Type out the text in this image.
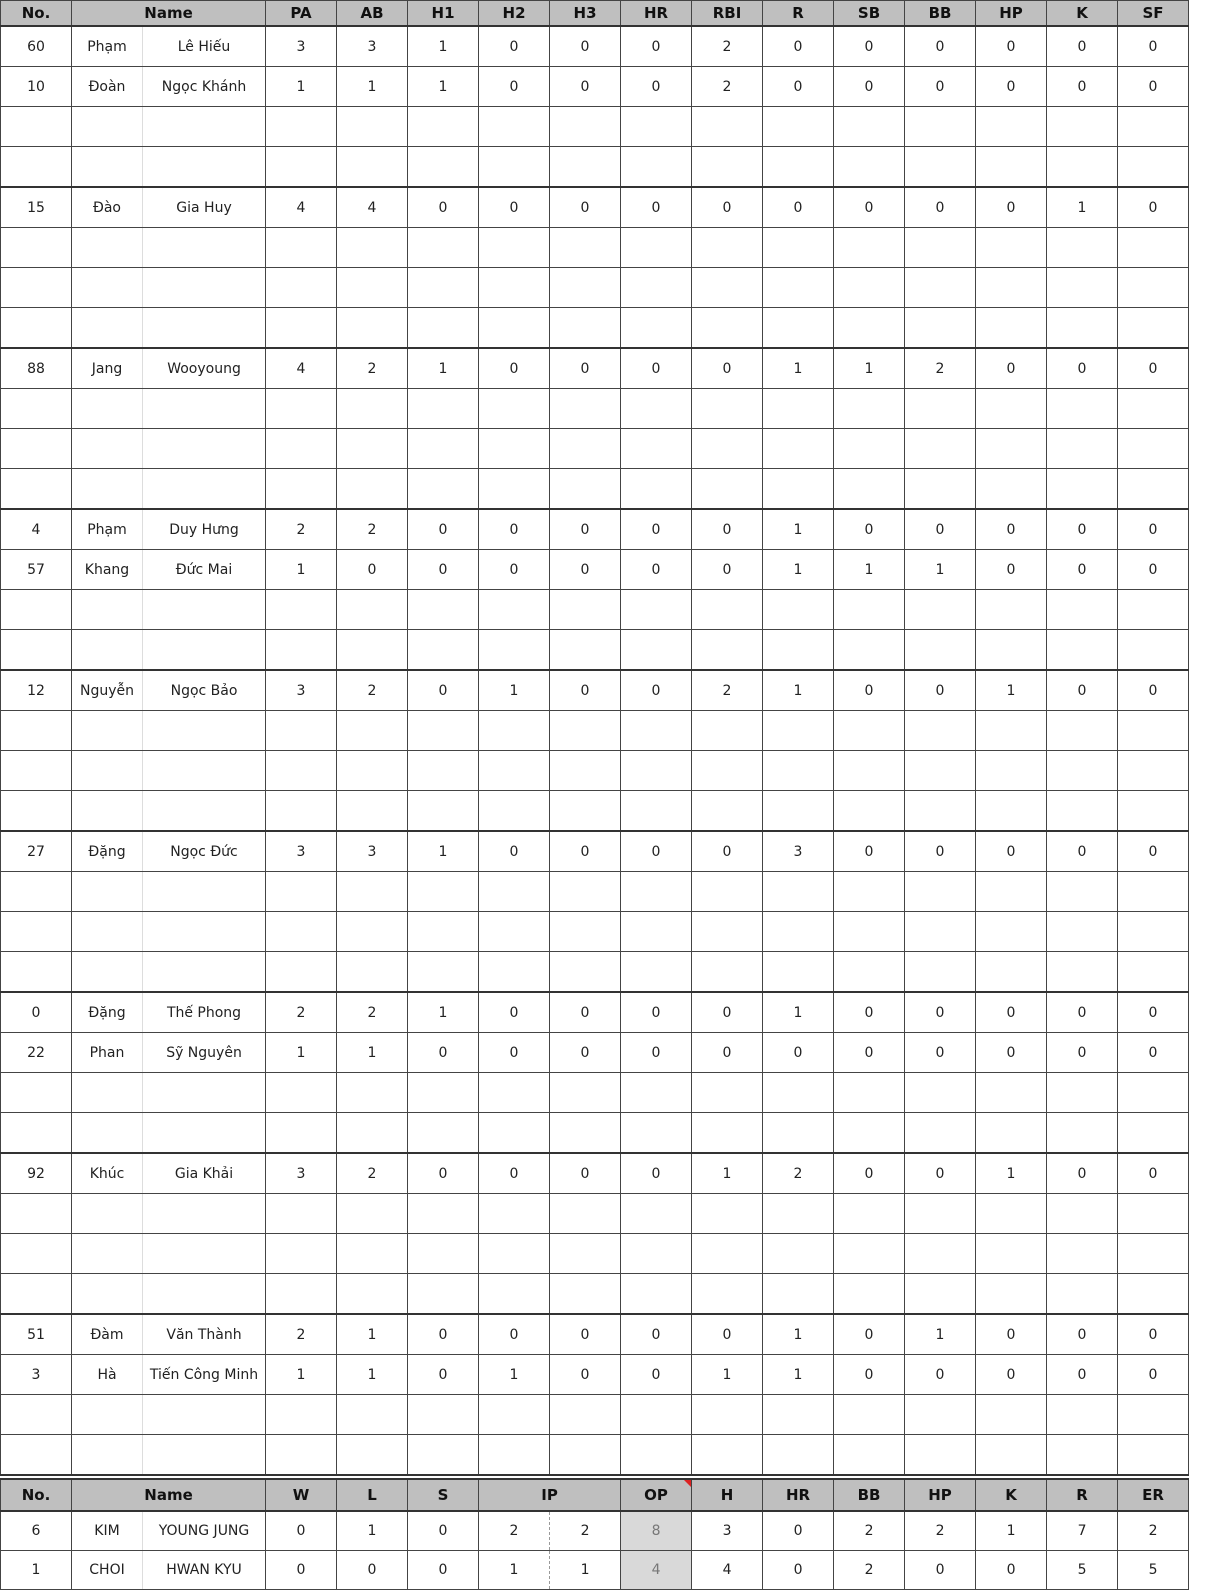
No.	Name		PA	AB	H1	H2	H3	HR	RBI	R	SB	BB	HP	K	SF
60	Phạm	Lê Hiếu	3	3	1	0	0	0	2	0	0	0	0	0	0
10	Đoàn	Ngọc Khánh	1	1	1	0	0	0	2	0	0	0	0	0	0

15	Đào	Gia Huy	4	4	0	0	0	0	0	0	0	0	0	1	0

88	Jang	Wooyoung	4	2	1	0	0	0	0	1	1	2	0	0	0

4	Phạm	Duy Hưng	2	2	0	0	0	0	0	1	0	0	0	0	0
57	Khang	Đức Mai	1	0	0	0	0	0	0	1	1	1	0	0	0

12	Nguyễn	Ngọc Bảo	3	2	0	1	0	0	2	1	0	0	1	0	0

27	Đặng	Ngọc Đức	3	3	1	0	0	0	0	3	0	0	0	0	0

0	Đặng	Thế Phong	2	2	1	0	0	0	0	1	0	0	0	0	0
22	Phan	Sỹ Nguyên	1	1	0	0	0	0	0	0	0	0	0	0	0

92	Khúc	Gia Khải	3	2	0	0	0	0	1	2	0	0	1	0	0

51	Đàm	Văn Thành	2	1	0	0	0	0	0	1	0	1	0	0	0
3	Hà	Tiến Công Minh	1	1	0	1	0	0	1	1	0	0	0	0	0

No.	Name		W	L	S	IP		OP	H	HR	BB	HP	K	R	ER
6	KIM	YOUNG JUNG	0	1	0	2	2	8	3	0	2	2	1	7	2
1	CHOI	HWAN KYU	0	0	0	1	1	4	4	0	2	0	0	5	5
